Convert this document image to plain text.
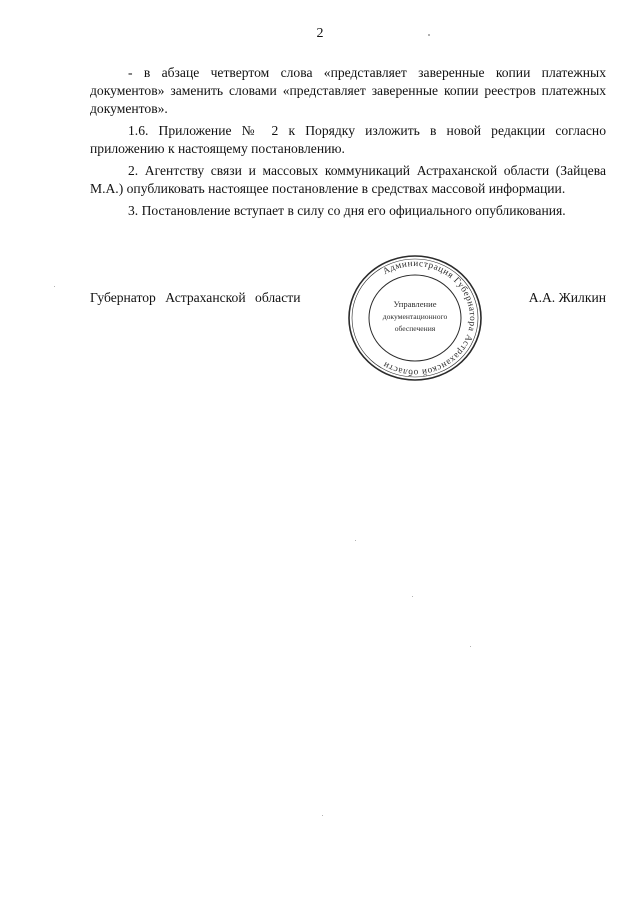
2

- в абзаце четвертом слова «представляет заверенные копии платежных документов» заменить словами «представляет заверенные копии реестров платежных документов».

1.6. Приложение № 2 к Порядку изложить в новой редакции согласно приложению к настоящему постановлению.

2. Агентству связи и массовых коммуникаций Астраханской области (Зайцева М.А.) опубликовать настоящее постановление в средствах массовой информации.

3. Постановление вступает в силу со дня его официального опубликования.

Губернатор Астраханской области	А.А. Жилкин
Администрация Губернатора Астраханской области
Управление
документационного
обеспечения
